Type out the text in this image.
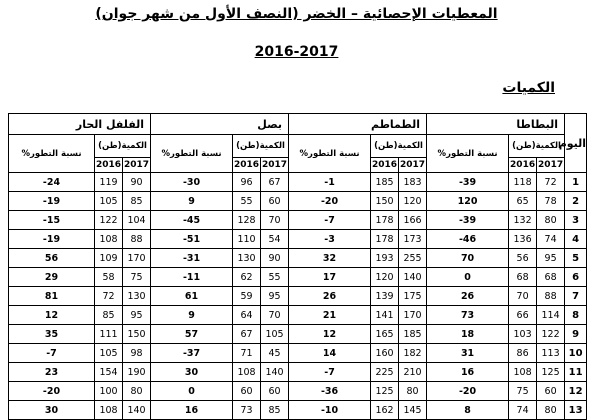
المعطيات الإحصائية – الخضر (النصف الأول من شهر جوان)
2016-2017
الكميات
اليوم	البطاطا			الطماطم			بصل			الفلفل الحار		
	الكمية(طن)		نسبة التطور%	الكمية(طن)		نسبة التطور%	الكمية(طن)		نسبة التطور%	الكمية(طن)		نسبة التطور%
	2017	2016		2017	2016		2017	2016		2017	2016	
1	72	118	39-	183	185	1-	67	96	30-	90	119	24-
2	78	65	120	120	150	20-	60	55	9	85	105	19-
3	80	132	39-	166	178	7-	70	128	45-	104	122	15-
4	74	136	46-	173	178	3-	54	110	51-	88	108	19-
5	95	56	70	255	193	32	90	130	31-	170	109	56
6	68	68	0	140	120	17	55	62	11-	75	58	29
7	88	70	26	175	139	26	95	59	61	130	72	81
8	114	66	73	170	141	21	70	64	9	95	85	12
9	122	103	18	185	165	12	105	67	57	150	111	35
10	113	86	31	182	160	14	45	71	37-	98	105	7-
11	125	108	16	210	225	7-	140	108	30	190	154	23
12	60	75	20-	80	125	36-	60	60	0	80	100	20-
13	80	74	8	145	162	10-	85	73	16	140	108	30
